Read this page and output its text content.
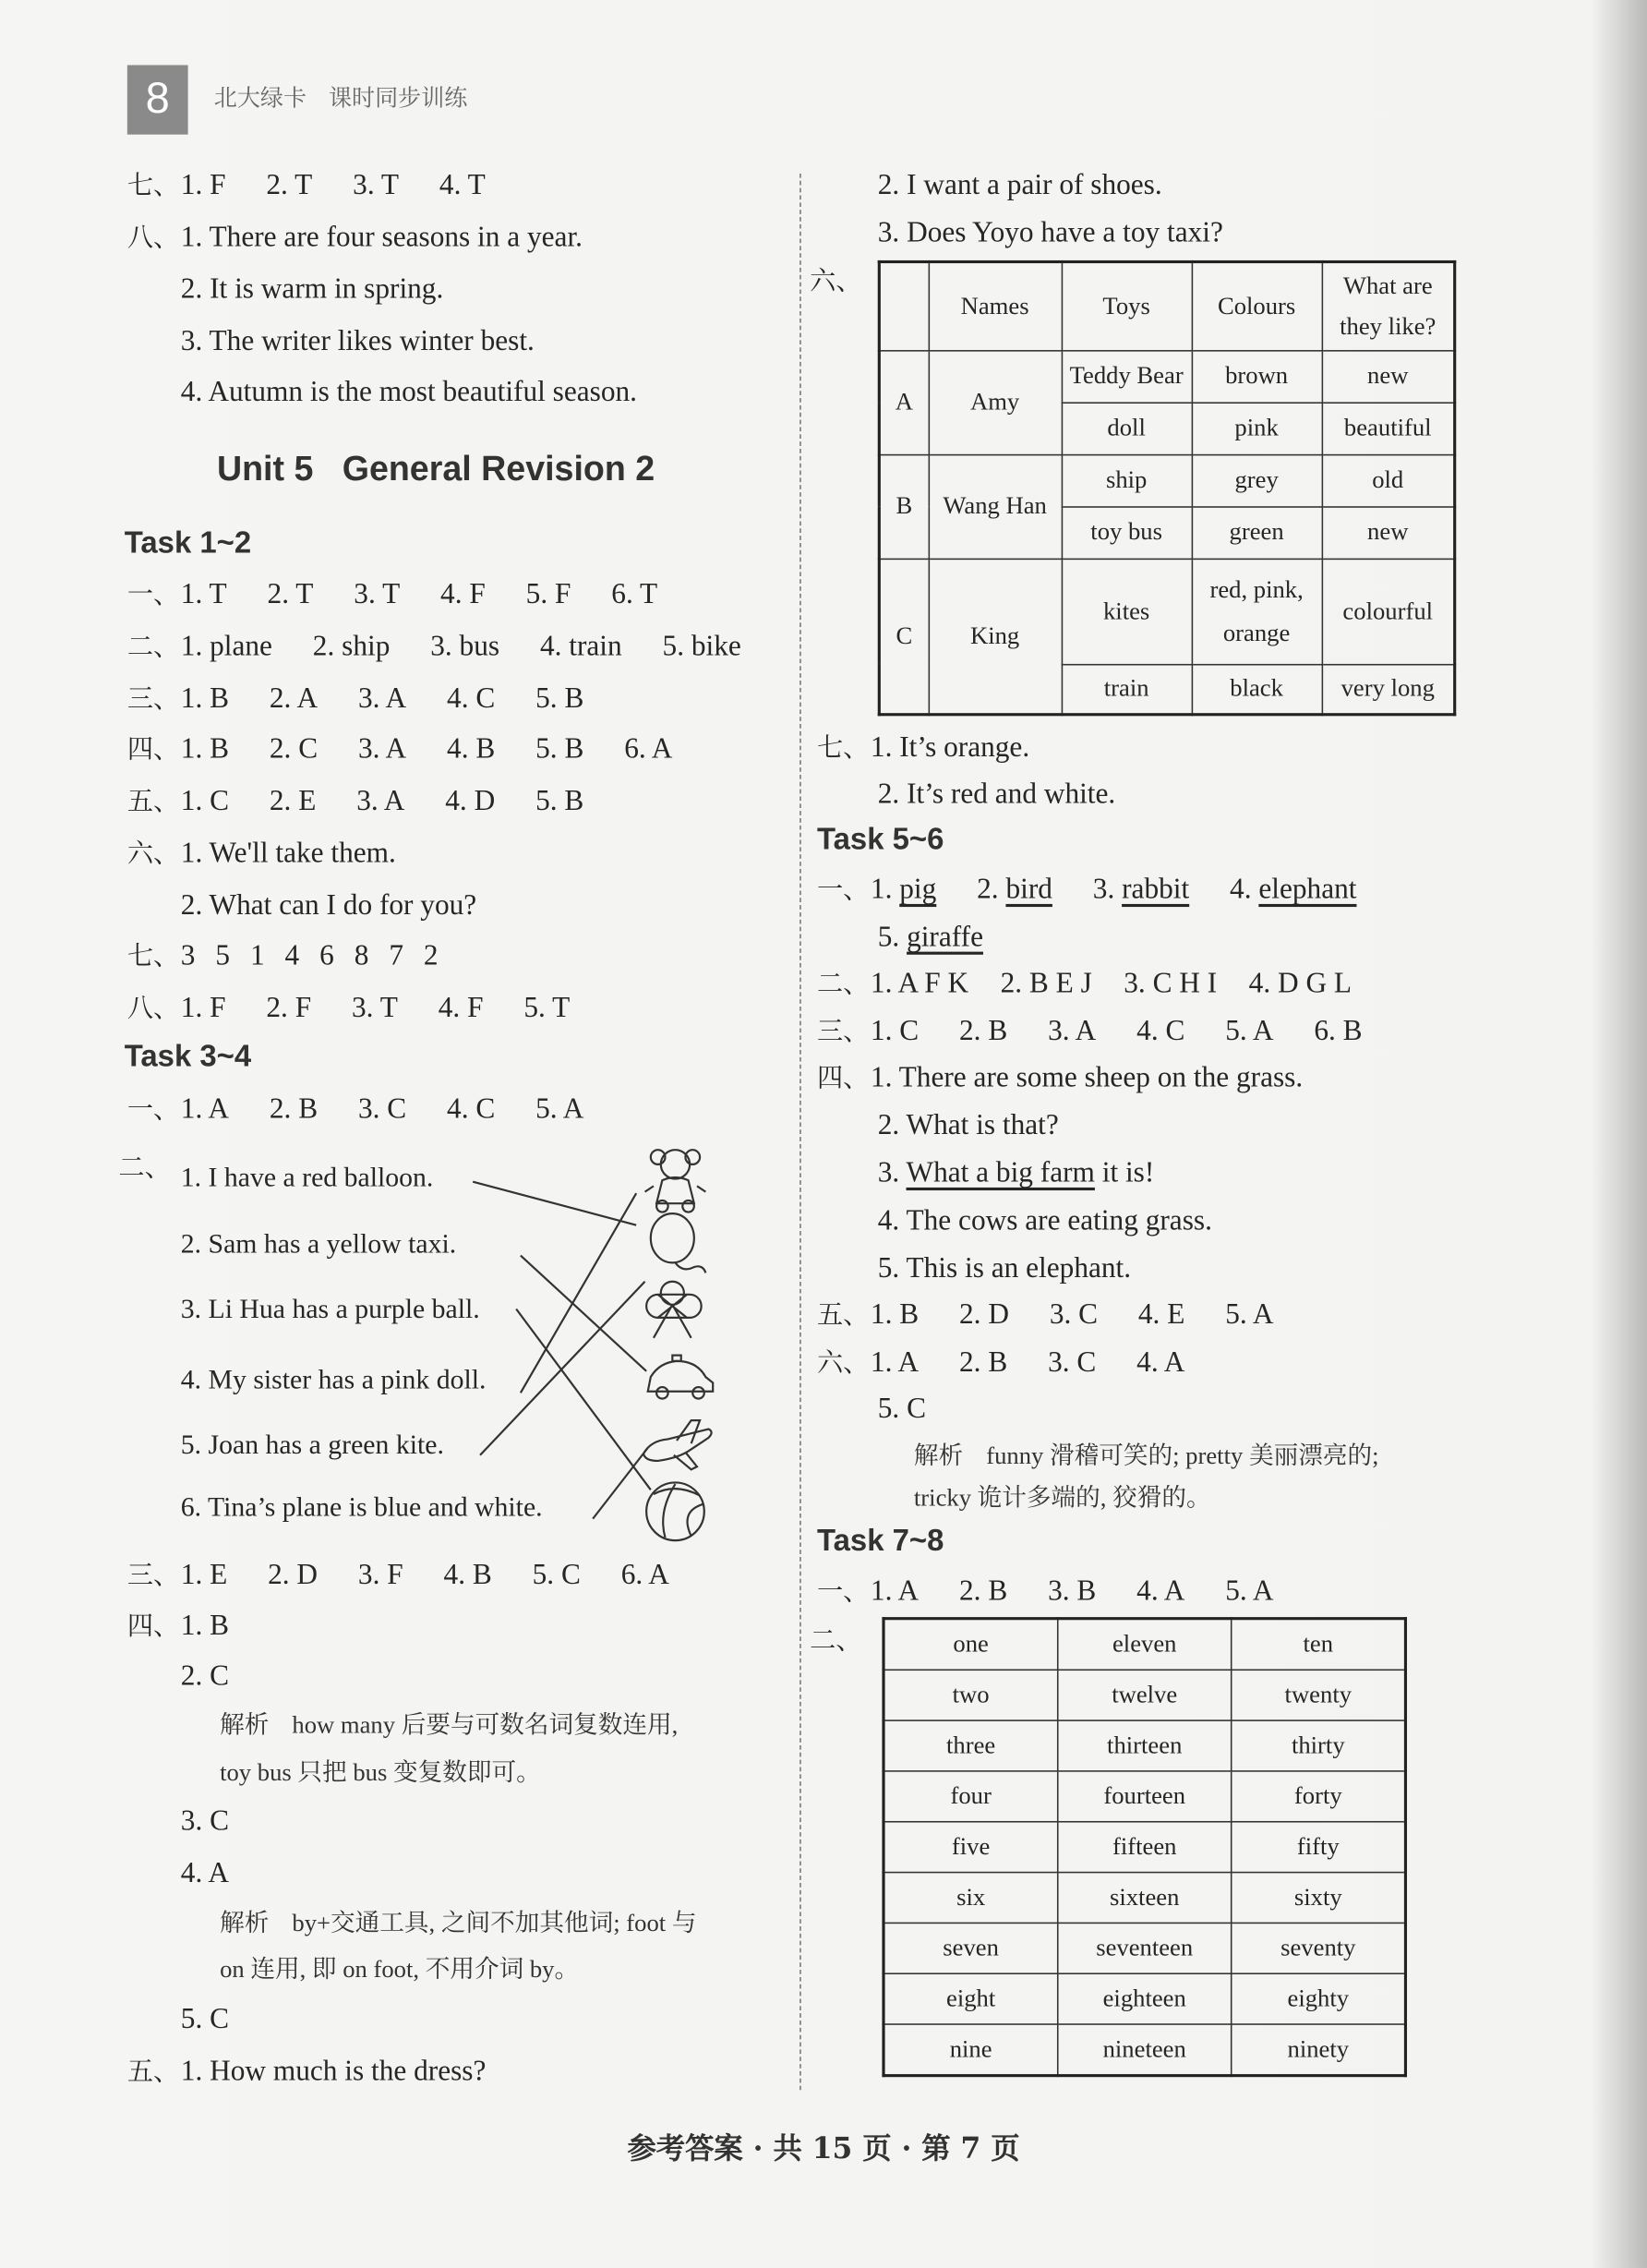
8	北大绿卡 课时同步训练
七、1. F 2. T 3. T 4. T
八、1. There are four seasons in a year.
2. It is warm in spring.
3. The writer likes winter best.
4. Autumn is the most beautiful season.
Unit 5   General Revision 2
Task 1~2
一、1. T 2. T 3. T 4. F 5. F 6. T
二、1. plane 2. ship 3. bus 4. train 5. bike
三、1. B 2. A 3. A 4. C 5. B
四、1. B 2. C 3. A 4. B 5. B 6. A
五、1. C 2. E 3. A 4. D 5. B
六、1. We'll take them.
2. What can I do for you?
七、3 5 1 4 6 8 7 2
八、1. F 2. F 3. T 4. F 5. T
Task 3~4
一、1. A 2. B 3. C 4. C 5. A
二、 1. I have a red balloon.
2. Sam has a yellow taxi.
3. Li Hua has a purple ball.
4. My sister has a pink doll.
5. Joan has a green kite.
6. Tina’s plane is blue and white.
三、1. E 2. D 3. F 4. B 5. C 6. A
四、1. B
2. C
解析 how many 后要与可数名词复数连用,
toy bus 只把 bus 变复数即可。
3. C
4. A
解析 by+交通工具, 之间不加其他词; foot 与
on 连用, 即 on foot, 不用介词 by。
5. C
五、1. How much is the dress?
2. I want a pair of shoes.
3. Does Yoyo have a toy taxi?
六、
	Names	Toys	Colours	What are they like?
A	Amy	Teddy Bear	brown	new
		doll	pink	beautiful
B	Wang Han	ship	grey	old
		toy bus	green	new
C	King	kites	red, pink, orange	colourful
		train	black	very long
七、1. It’s orange.
2. It’s red and white.
Task 5~6
一、1. pig 2. bird 3. rabbit 4. elephant
5. giraffe
二、1. A F K 2. B E J 3. C H I 4. D G L
三、1. C 2. B 3. A 4. C 5. A 6. B
四、1. There are some sheep on the grass.
2. What is that?
3. What a big farm it is!
4. The cows are eating grass.
5. This is an elephant.
五、1. B 2. D 3. C 4. E 5. A
六、1. A 2. B 3. C 4. A
5. C
解析 funny 滑稽可笑的; pretty 美丽漂亮的;
tricky 诡计多端的, 狡猾的。
Task 7~8
一、1. A 2. B 3. B 4. A 5. A
二、	one	eleven	ten
two	twelve	twenty
three	thirteen	thirty
four	fourteen	forty
five	fifteen	fifty
six	sixteen	sixty
seven	seventeen	seventy
eight	eighteen	eighty
nine	nineteen	ninety
参考答案 · 共 15 页 · 第 7 页
